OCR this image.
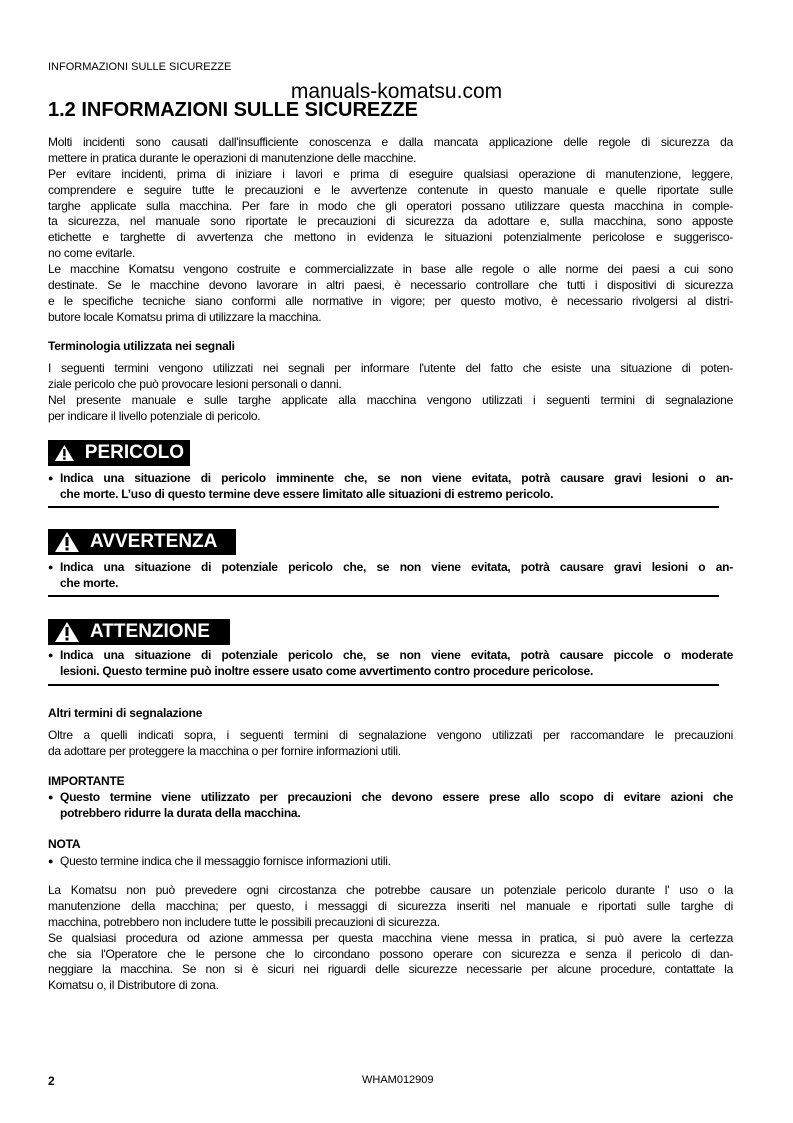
INFORMAZIONI SULLE SICUREZZE
manuals-komatsu.com
1.2 INFORMAZIONI SULLE SICUREZZE
Molti incidenti sono causati dall'insufficiente conoscenza e dalla mancata applicazione delle regole di sicurezza da
mettere in pratica durante le operazioni di manutenzione delle macchine.
Per evitare incidenti, prima di iniziare i lavori e prima di eseguire qualsiasi operazione di manutenzione, leggere,
comprendere e seguire tutte le precauzioni e le avvertenze contenute in questo manuale e quelle riportate sulle
targhe applicate sulla macchina. Per fare in modo che gli operatori possano utilizzare questa macchina in comple-
ta sicurezza, nel manuale sono riportate le precauzioni di sicurezza da adottare e, sulla macchina, sono apposte
etichette e targhette di avvertenza che mettono in evidenza le situazioni potenzialmente pericolose e suggerisco-
no come evitarle.
Le macchine Komatsu vengono costruite e commercializzate in base alle regole o alle norme dei paesi a cui sono
destinate. Se le macchine devono lavorare in altri paesi, è necessario controllare che tutti i dispositivi di sicurezza
e le specifiche tecniche siano conformi alle normative in vigore; per questo motivo, è necessario rivolgersi al distri-
butore locale Komatsu prima di utilizzare la macchina.
Terminologia utilizzata nei segnali
I seguenti termini vengono utilizzati nei segnali per informare l'utente del fatto che esiste una situazione di poten-
ziale pericolo che può provocare lesioni personali o danni.
Nel presente manuale e sulle targhe applicate alla macchina vengono utilizzati i seguenti termini di segnalazione
per indicare il livello potenziale di pericolo.
PERICOLO
● Indica una situazione di pericolo imminente che, se non viene evitata, potrà causare gravi lesioni o an-
che morte. L’uso di questo termine deve essere limitato alle situazioni di estremo pericolo.
AVVERTENZA
● Indica una situazione di potenziale pericolo che, se non viene evitata, potrà causare gravi lesioni o an-
che morte.
ATTENZIONE
● Indica una situazione di potenziale pericolo che, se non viene evitata, potrà causare piccole o moderate
lesioni. Questo termine può inoltre essere usato come avvertimento contro procedure pericolose.
Altri termini di segnalazione
Oltre a quelli indicati sopra, i seguenti termini di segnalazione vengono utilizzati per raccomandare le precauzioni
da adottare per proteggere la macchina o per fornire informazioni utili.
IMPORTANTE
● Questo termine viene utilizzato per precauzioni che devono essere prese allo scopo di evitare azioni che
potrebbero ridurre la durata della macchina.
NOTA
● Questo termine indica che il messaggio fornisce informazioni utili.
La Komatsu non può prevedere ogni circostanza che potrebbe causare un potenziale pericolo durante l' uso o la
manutenzione della macchina; per questo, i messaggi di sicurezza inseriti nel manuale e riportati sulle targhe di
macchina, potrebbero non includere tutte le possibili precauzioni di sicurezza.
Se qualsiasi procedura od azione ammessa per questa macchina viene messa in pratica, si può avere la certezza
che sia l'Operatore che le persone che lo circondano possono operare con sicurezza e senza il pericolo di dan-
neggiare la macchina. Se non si è sicuri nei riguardi delle sicurezze necessarie per alcune procedure, contattate la
Komatsu o, il Distributore di zona.
2	WHAM012909
